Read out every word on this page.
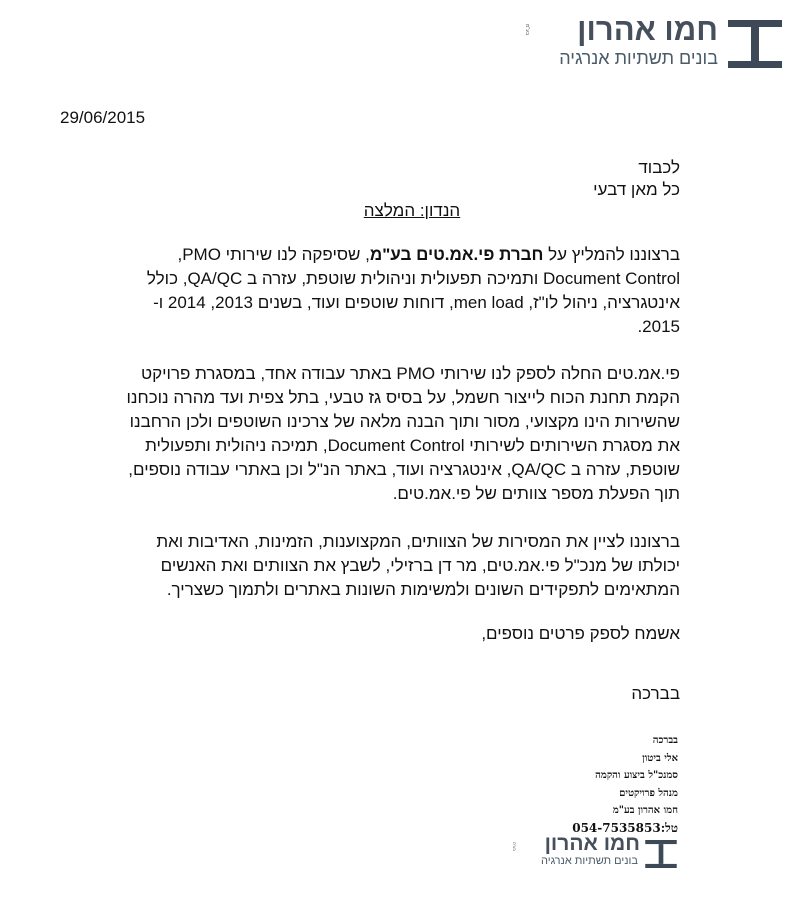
חמו אהרון
בונים תשתיות אנרגיה
בע"מ
29/06/2015
לכבוד
כל מאן דבעי
הנדון: המלצה
ברצוננו להמליץ על חברת פי.אמ.טים בע"מ, שסיפקה לנו שירותי PMO,
Document Control ותמיכה תפעולית וניהולית שוטפת, עזרה ב QA/QC, כולל
אינטגרציה, ניהול לו"ז, men load, דוחות שוטפים ועוד, בשנים 2013, 2014 ו-
2015.
פי.אמ.טים החלה לספק לנו שירותי PMO באתר עבודה אחד, במסגרת פרויקט
הקמת תחנת הכוח לייצור חשמל, על בסיס גז טבעי, בתל צפית ועד מהרה נוכחנו
שהשירות הינו מקצועי, מסור ותוך הבנה מלאה של צרכינו השוטפים ולכן הרחבנו
את מסגרת השירותים לשירותי Document Control, תמיכה ניהולית ותפעולית
שוטפת, עזרה ב QA/QC, אינטגרציה ועוד, באתר הנ"ל וכן באתרי עבודה נוספים,
תוך הפעלת מספר צוותים של פי.אמ.טים.
ברצוננו לציין את המסירות של הצוותים, המקצוענות, הזמינות, האדיבות ואת
יכולתו של מנכ"ל פי.אמ.טים, מר דן ברזילי, לשבץ את הצוותים ואת האנשים
המתאימים לתפקידים השונים ולמשימות השונות באתרים ולתמוך כשצריך.
אשמח לספק פרטים נוספים,
בברכה
בברכה
אלי ביטון
סמנכ"ל ביצוע והקמה
מנהל פרויקטים
חמו אהרון בע"מ
טל:054-7535853
חמו אהרון
בונים תשתיות אנרגיה
בע"מ
